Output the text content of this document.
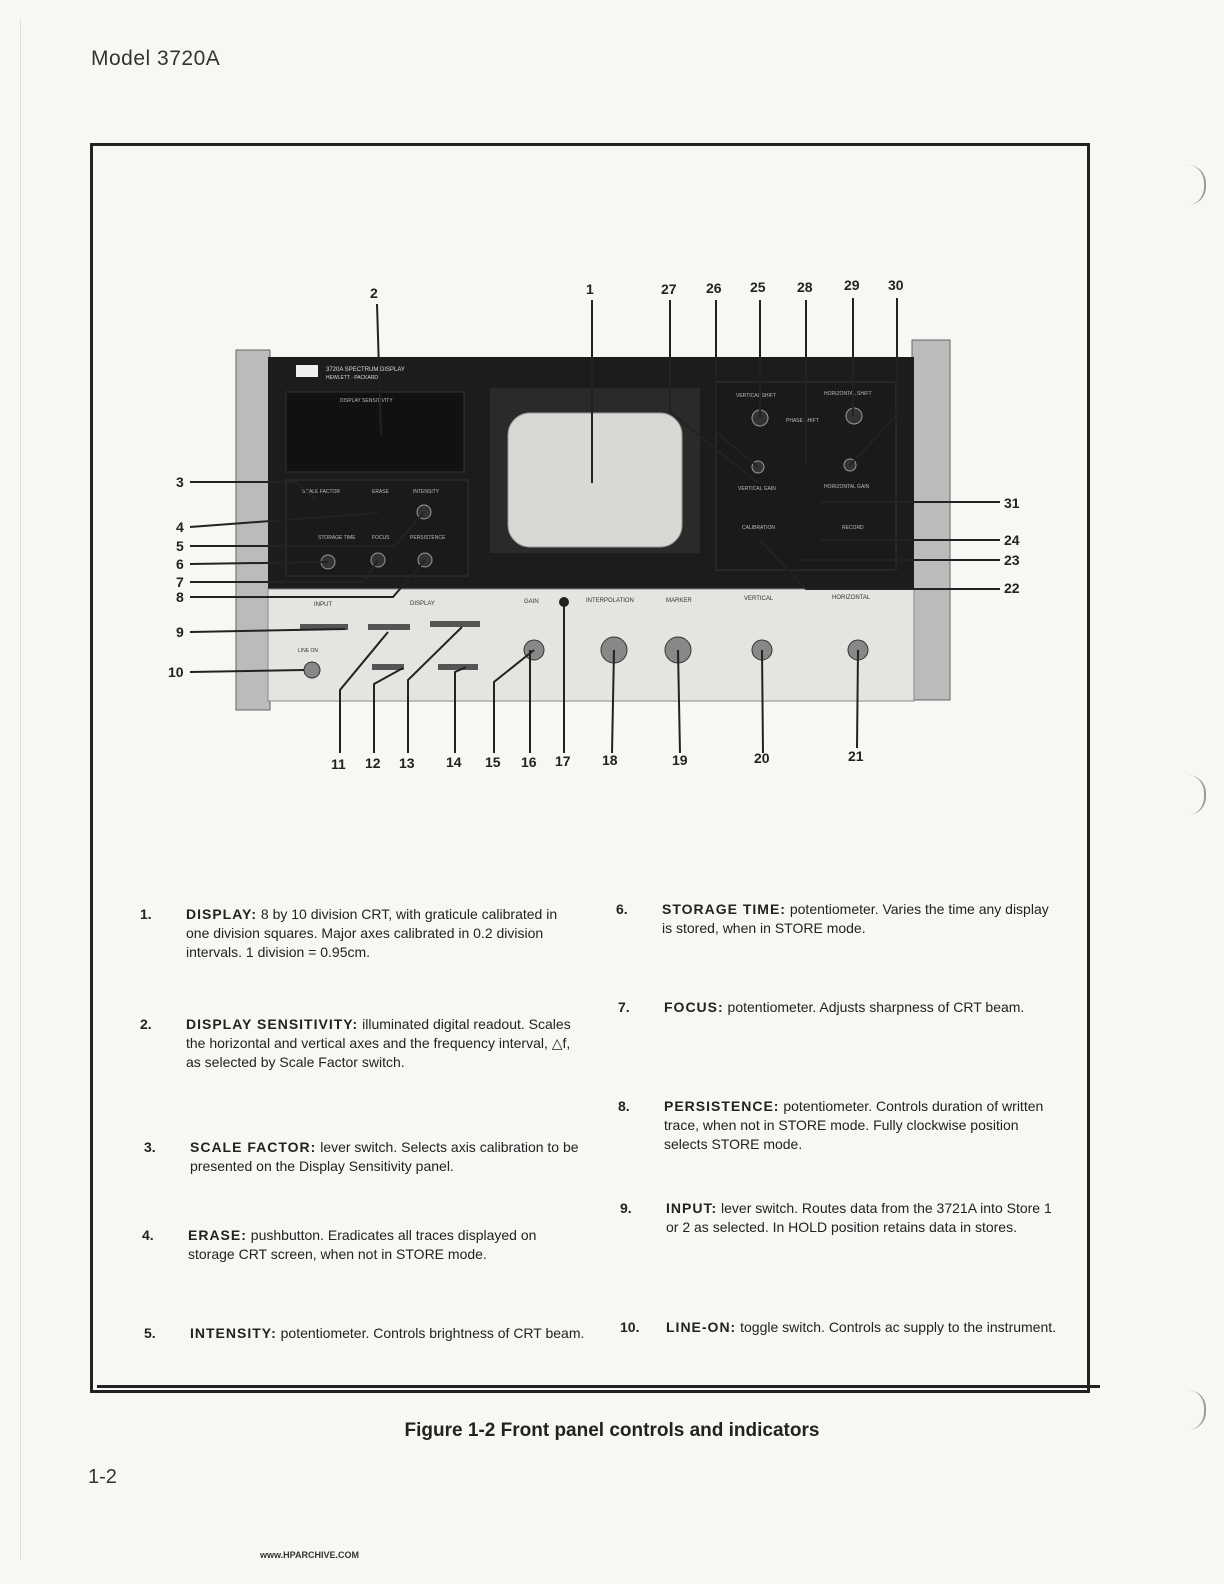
Model 3720A
3720A SPECTRUM DISPLAY
HEWLETT · PACKARD
DISPLAY SENSITIVITY
SCALE FACTOR	ERASE	INTENSITY
STORAGE TIME	FOCUS	PERSISTENCE
VERTICAL SHIFT	HORIZONTAL SHIFT
PHASE SHIFT
VERTICAL GAIN	HORIZONTAL GAIN
CALIBRATION	RECORD
INPUT	DISPLAY	GAIN	INTERPOLATION	MARKER	VERTICAL	HORIZONTAL
LINE ON
2	1	27 26 25 28 29 30
3
4
5
6
7
8
9
10
11 12 13 14 15 16 17 18	19	20	21
31
24
23
22
1. DISPLAY: 8 by 10 division CRT, with graticule calibrated in one division squares. Major axes calibrated in 0.2 division intervals. 1 division = 0.95cm.
2. DISPLAY SENSITIVITY: illuminated digital readout. Scales the horizontal and vertical axes and the frequency interval, △f, as selected by Scale Factor switch.
3. SCALE FACTOR: lever switch. Selects axis calibration to be presented on the Display Sensitivity panel.
4. ERASE: pushbutton. Eradicates all traces displayed on storage CRT screen, when not in STORE mode.
5. INTENSITY: potentiometer. Controls brightness of CRT beam.
6. STORAGE TIME: potentiometer. Varies the time any display is stored, when in STORE mode.
7. FOCUS: potentiometer. Adjusts sharpness of CRT beam.
8. PERSISTENCE: potentiometer. Controls duration of written trace, when not in STORE mode. Fully clockwise position selects STORE mode.
9. INPUT: lever switch. Routes data from the 3721A into Store 1 or 2 as selected. In HOLD position retains data in stores.
10. LINE-ON: toggle switch. Controls ac supply to the instrument.
Figure 1-2 Front panel controls and indicators
1-2
www.HPARCHIVE.COM
